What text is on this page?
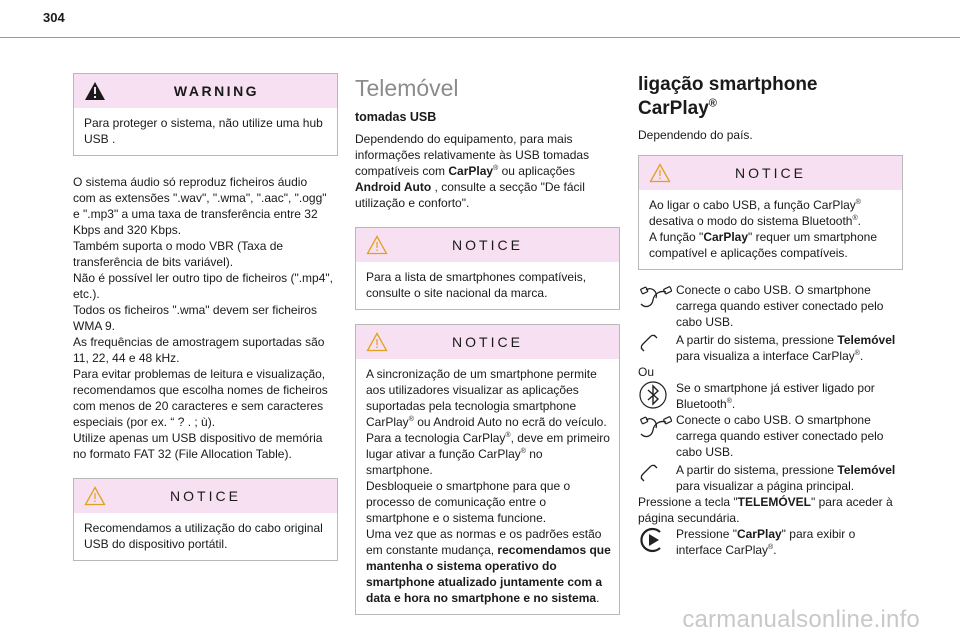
304
WARNING
Para proteger o sistema, não utilize uma hub USB .
O sistema áudio só reproduz ficheiros áudio
com as extensões ".wav", ".wma", ".aac", ".ogg"
e ".mp3" a uma taxa de transferência entre 32
Kbps and 320 Kbps.
Também suporta o modo VBR (Taxa de
transferência de bits variável).
Não é possível ler outro tipo de ficheiros (".mp4",
etc.).
Todos os ficheiros ".wma" devem ser ficheiros
WMA 9.
As frequências de amostragem suportadas são
11, 22, 44 e 48 kHz.
Para evitar problemas de leitura e visualização,
recomendamos que escolha nomes de ficheiros
com menos de 20 caracteres e sem caracteres
especiais (por ex. “ ? . ; ù).
Utilize apenas um USB dispositivo de memória
no formato FAT 32 (File Allocation Table).
NOTICE
Recomendamos a utilização do cabo original USB do dispositivo portátil.
Telemóvel
tomadas USB
Dependendo do equipamento, para mais informações relativamente às USB tomadas compatíveis com CarPlay® ou aplicações Android Auto , consulte a secção "De fácil utilização e conforto".
NOTICE
Para a lista de smartphones compatíveis, consulte o site nacional da marca.
NOTICE
A sincronização de um smartphone permite aos utilizadores visualizar as aplicações suportadas pela tecnologia smartphone CarPlay® ou Android Auto no ecrã do veículo.
Para a tecnologia CarPlay®, deve em primeiro lugar ativar a função CarPlay® no smartphone.
Desbloqueie o smartphone para que o processo de comunicação entre o smartphone e o sistema funcione.
Uma vez que as normas e os padrões estão em constante mudança, recomendamos que mantenha o sistema operativo do smartphone atualizado juntamente com a data e hora no smartphone e no sistema.
ligação smartphone
CarPlay®
Dependendo do país.
NOTICE
Ao ligar o cabo USB, a função CarPlay® desativa o modo do sistema Bluetooth®.
A função "CarPlay" requer um smartphone compatível e aplicações compatíveis.
Conecte o cabo USB. O smartphone carrega quando estiver conectado pelo cabo USB.
A partir do sistema, pressione Telemóvel para visualiza a interface CarPlay®.
Ou
Se o smartphone já estiver ligado por Bluetooth®.
Conecte o cabo USB. O smartphone carrega quando estiver conectado pelo cabo USB.
A partir do sistema, pressione Telemóvel para visualizar a página principal.
Pressione a tecla "TELEMÓVEL" para aceder à página secundária.
Pressione "CarPlay" para exibir o interface CarPlay®.
carmanualsonline.info
